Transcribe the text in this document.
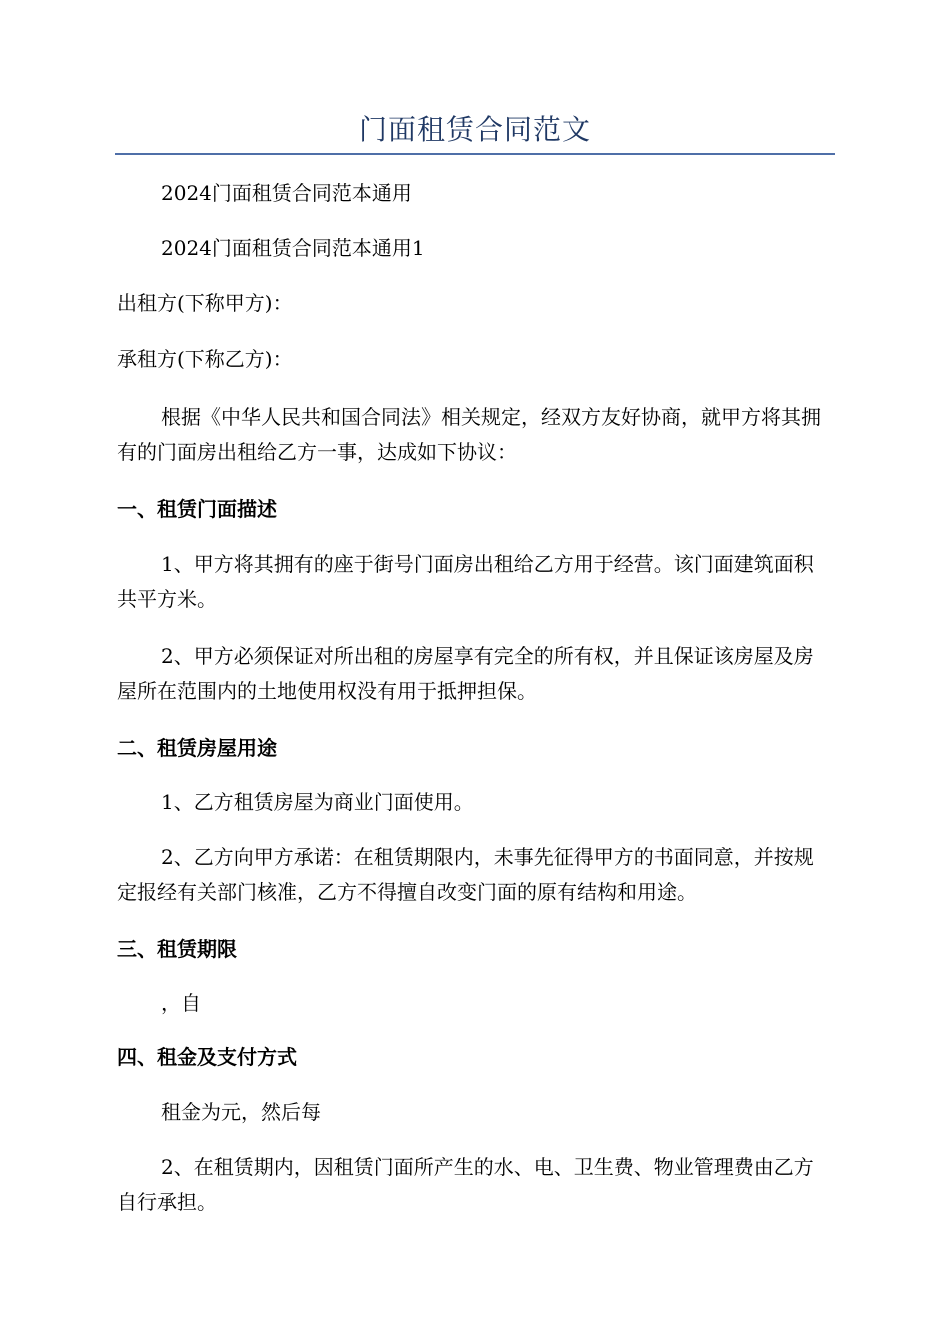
门面租赁合同范文

2024门面租赁合同范本通用

2024门面租赁合同范本通用1

出租方(下称甲方)：

承租方(下称乙方)：

根据《中华人民共和国合同法》相关规定，经双方友好协商，就甲方将其拥有的门面房出租给乙方一事，达成如下协议：

一、租赁门面描述

1、甲方将其拥有的座于街号门面房出租给乙方用于经营。该门面建筑面积共平方米。

2、甲方必须保证对所出租的房屋享有完全的所有权，并且保证该房屋及房屋所在范围内的土地使用权没有用于抵押担保。

二、租赁房屋用途

1、乙方租赁房屋为商业门面使用。

2、乙方向甲方承诺：在租赁期限内，未事先征得甲方的书面同意，并按规定报经有关部门核准，乙方不得擅自改变门面的原有结构和用途。

三、租赁期限

，自

四、租金及支付方式

租金为元，然后每

2、在租赁期内，因租赁门面所产生的水、电、卫生费、物业管理费由乙方自行承担。
